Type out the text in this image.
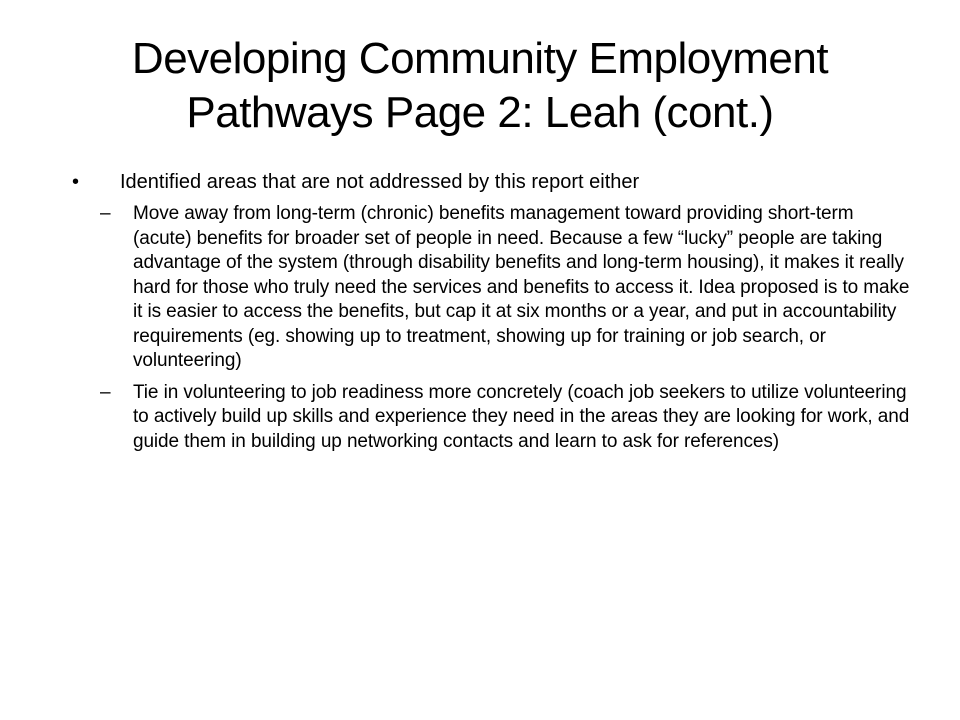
Developing Community Employment Pathways Page 2: Leah (cont.)
•	Identified areas that are not addressed by this report either
–	Move away from long-term (chronic) benefits management toward providing short-term (acute) benefits for broader set of people in need. Because a few “lucky” people are taking advantage of the system (through disability benefits and long-term housing), it makes it really hard for those who truly need the services and benefits to access it. Idea proposed is to make it is easier to access the benefits, but cap it at six months or a year, and put in accountability requirements (eg. showing up to treatment, showing up for training or job search, or volunteering)
–	Tie in volunteering to job readiness more concretely (coach job seekers to utilize volunteering to actively build up skills and experience they need in the areas they are looking for work, and guide them in building up networking contacts and learn to ask for references)
